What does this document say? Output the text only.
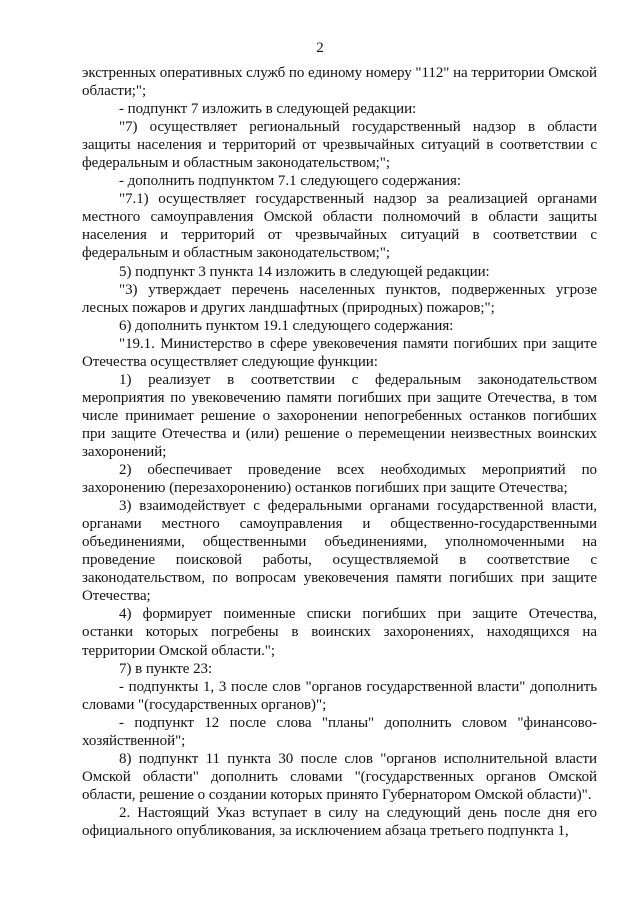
2

экстренных оперативных служб по единому номеру "112" на территории Омской области;";

- подпункт 7 изложить в следующей редакции:

"7) осуществляет региональный государственный надзор в области защиты населения и территорий от чрезвычайных ситуаций в соответствии с федеральным и областным законодательством;";

- дополнить подпунктом 7.1 следующего содержания:

"7.1) осуществляет государственный надзор за реализацией органами местного самоуправления Омской области полномочий в области защиты населения и территорий от чрезвычайных ситуаций в соответствии с федеральным и областным законодательством;";

5) подпункт 3 пункта 14 изложить в следующей редакции:

"3) утверждает перечень населенных пунктов, подверженных угрозе лесных пожаров и других ландшафтных (природных) пожаров;";

6) дополнить пунктом 19.1 следующего содержания:

"19.1. Министерство в сфере увековечения памяти погибших при защите Отечества осуществляет следующие функции:

1) реализует в соответствии с федеральным законодательством мероприятия по увековечению памяти погибших при защите Отечества, в том числе принимает решение о захоронении непогребенных останков погибших при защите Отечества и (или) решение о перемещении неизвестных воинских захоронений;

2) обеспечивает проведение всех необходимых мероприятий по захоронению (перезахоронению) останков погибших при защите Отечества;

3) взаимодействует с федеральными органами государственной власти, органами местного самоуправления и общественно-государственными объединениями, общественными объединениями, уполномоченными на проведение поисковой работы, осуществляемой в соответствие с законодательством, по вопросам увековечения памяти погибших при защите Отечества;

4) формирует поименные списки погибших при защите Отечества, останки которых погребены в воинских захоронениях, находящихся на территории Омской области.";

7) в пункте 23:

- подпункты 1, 3 после слов "органов государственной власти" дополнить словами "(государственных органов)";

- подпункт 12 после слова "планы" дополнить словом "финансово-хозяйственной";

8) подпункт 11 пункта 30 после слов "органов исполнительной власти Омской области" дополнить словами "(государственных органов Омской области, решение о создании которых принято Губернатором Омской области)".

2. Настоящий Указ вступает в силу на следующий день после дня его официального опубликования, за исключением абзаца третьего подпункта 1,
